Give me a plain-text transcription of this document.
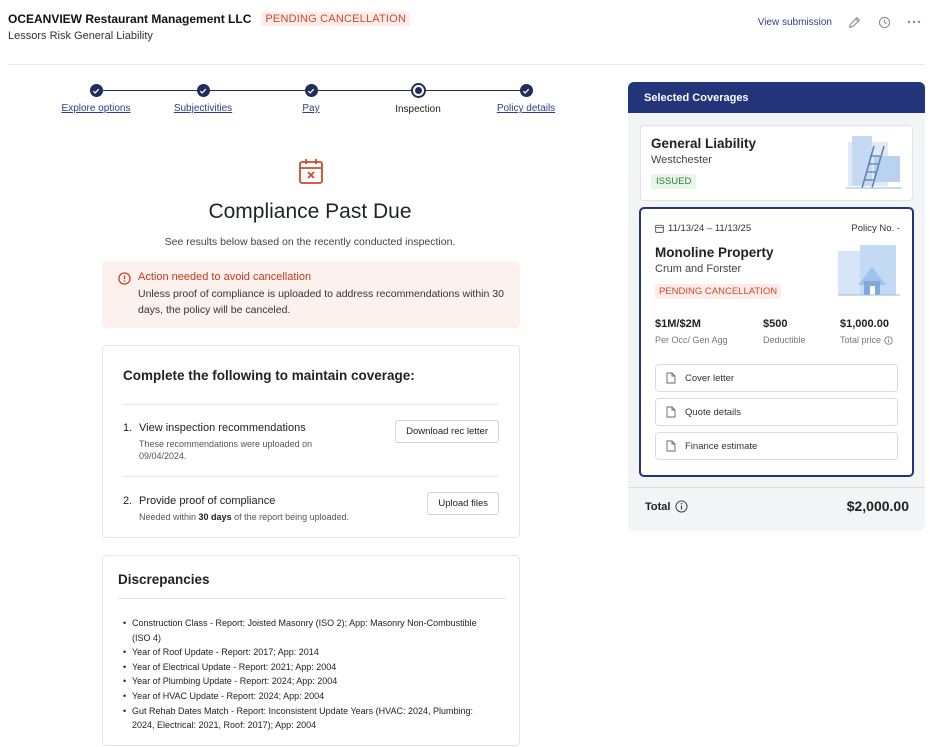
OCEANVIEW Restaurant Management LLC	PENDING CANCELLATION
Lessors Risk General Liability
View submission
Explore options	Subjectivities	Pay	Inspection	Policy details
Compliance Past Due
See results below based on the recently conducted inspection.
Action needed to avoid cancellation
Unless proof of compliance is uploaded to address recommendations within 30 days, the policy will be canceled.
Complete the following to maintain coverage:
1. View inspection recommendations
These recommendations were uploaded on 09/04/2024.
Download rec letter
2. Provide proof of compliance
Needed within 30 days of the report being uploaded.
Upload files
Discrepancies
• Construction Class - Report: Joisted Masonry (ISO 2); App: Masonry Non-Combustible (ISO 4)
• Year of Roof Update - Report: 2017; App: 2014
• Year of Electrical Update - Report: 2021; App: 2004
• Year of Plumbing Update - Report: 2024; App: 2004
• Year of HVAC Update - Report: 2024; App: 2004
• Gut Rehab Dates Match - Report: Inconsistent Update Years (HVAC: 2024, Plumbing: 2024, Electrical: 2021, Roof: 2017); App: 2004
Selected Coverages
General Liability
Westchester
ISSUED
11/13/24 – 11/13/25	Policy No. -
Monoline Property
Crum and Forster
PENDING CANCELLATION
$1M/$2M
Per Occ/ Gen Agg
$500
Deductible
$1,000.00
Total price
Cover letter
Quote details
Finance estimate
Total	$2,000.00
